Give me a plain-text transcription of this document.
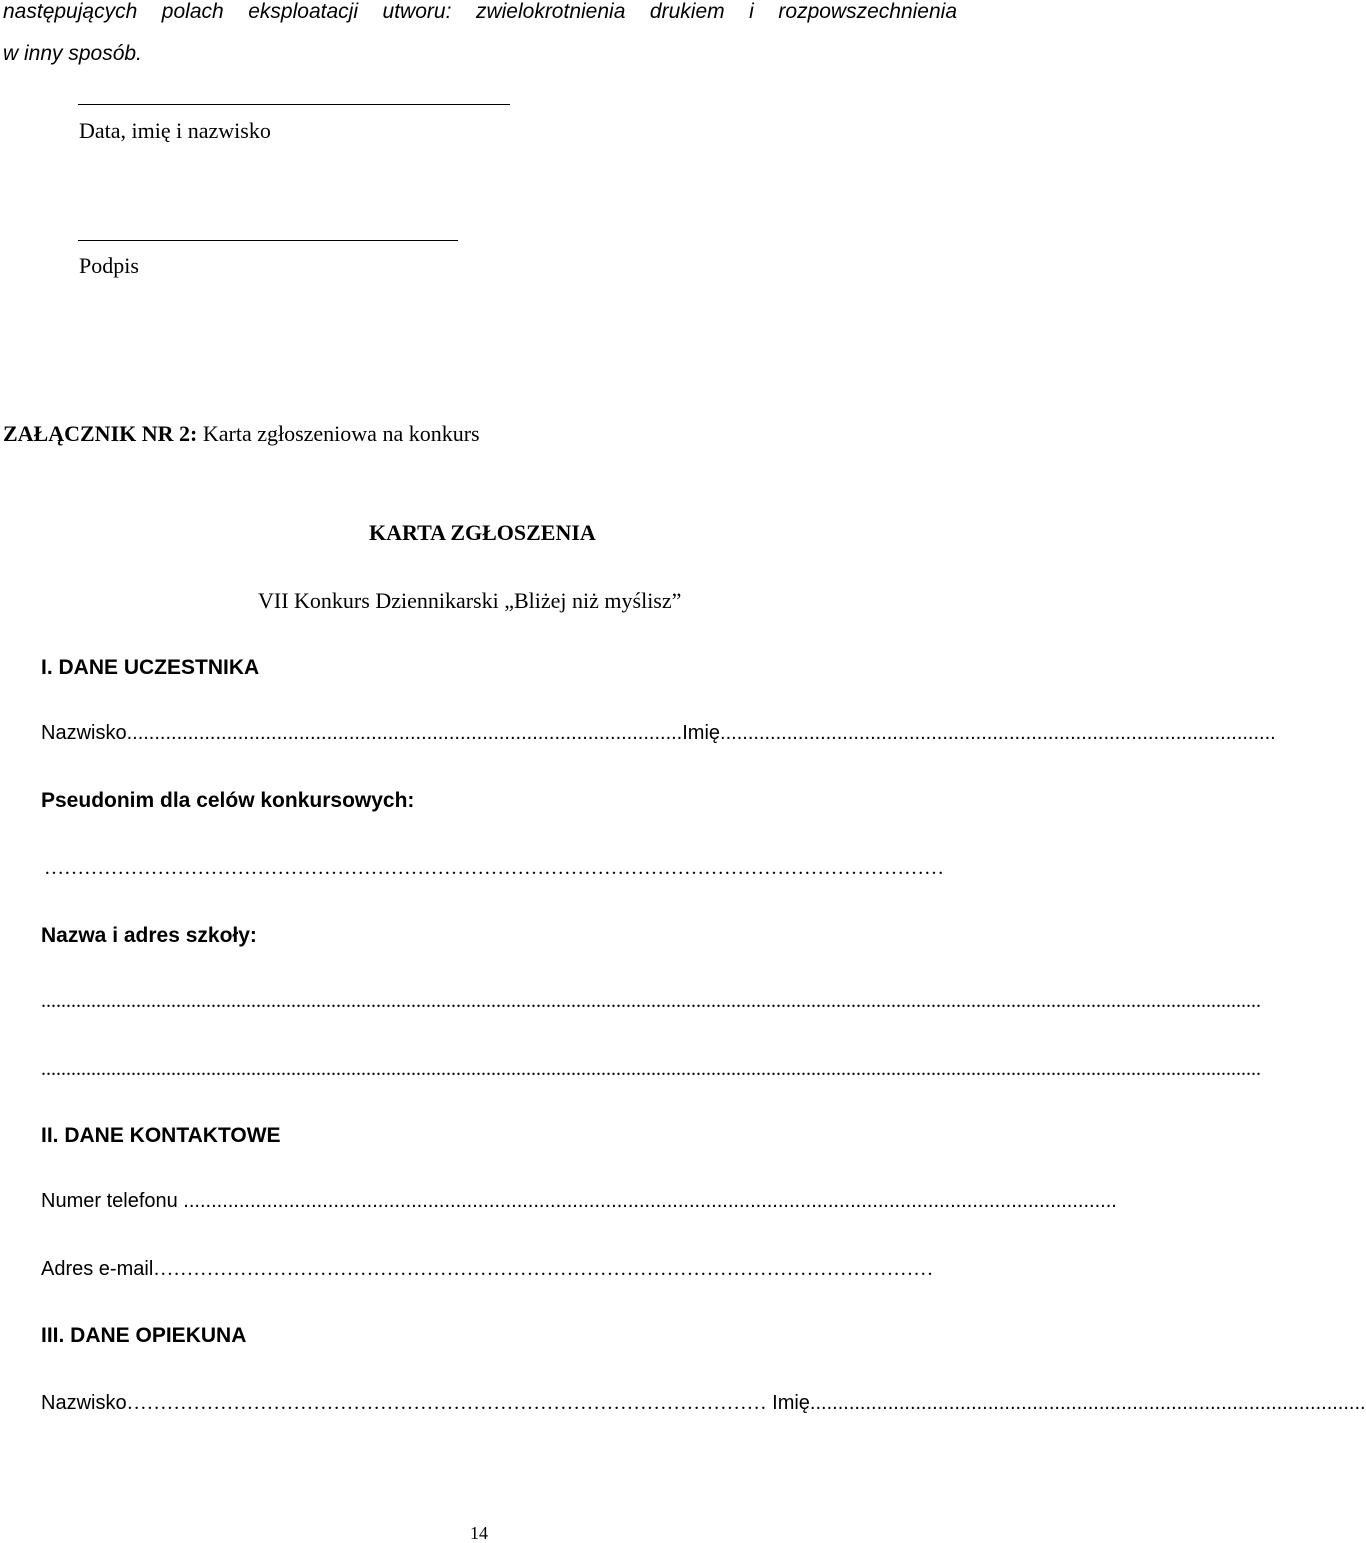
następujących polach eksploatacji utworu: zwielokrotnienia drukiem i rozpowszechnienia
w inny sposób.
Data, imię i nazwisko
Podpis
ZAŁĄCZNIK NR 2: Karta zgłoszeniowa na konkurs
KARTA ZGŁOSZENIA
VII Konkurs Dziennikarski „Bliżej niż myślisz”
I. DANE UCZESTNIKA
Nazwisko .................................................................................................... Imię ....................................................................................................
Pseudonim dla celów konkursowych:
………………………………………………………………………………………………………………………
Nazwa i adres szkoły:
....................................................................................................................................................................................................................................................
....................................................................................................................................................................................................................................................
II. DANE KONTAKTOWE
Numer telefonu ........................................................................................................................................................................
Adres e-mail ………………………………………………………………………………………………………
III. DANE OPIEKUNA
Nazwisko …………………………………………………………………………………… Imię ....................................................................................................
14
